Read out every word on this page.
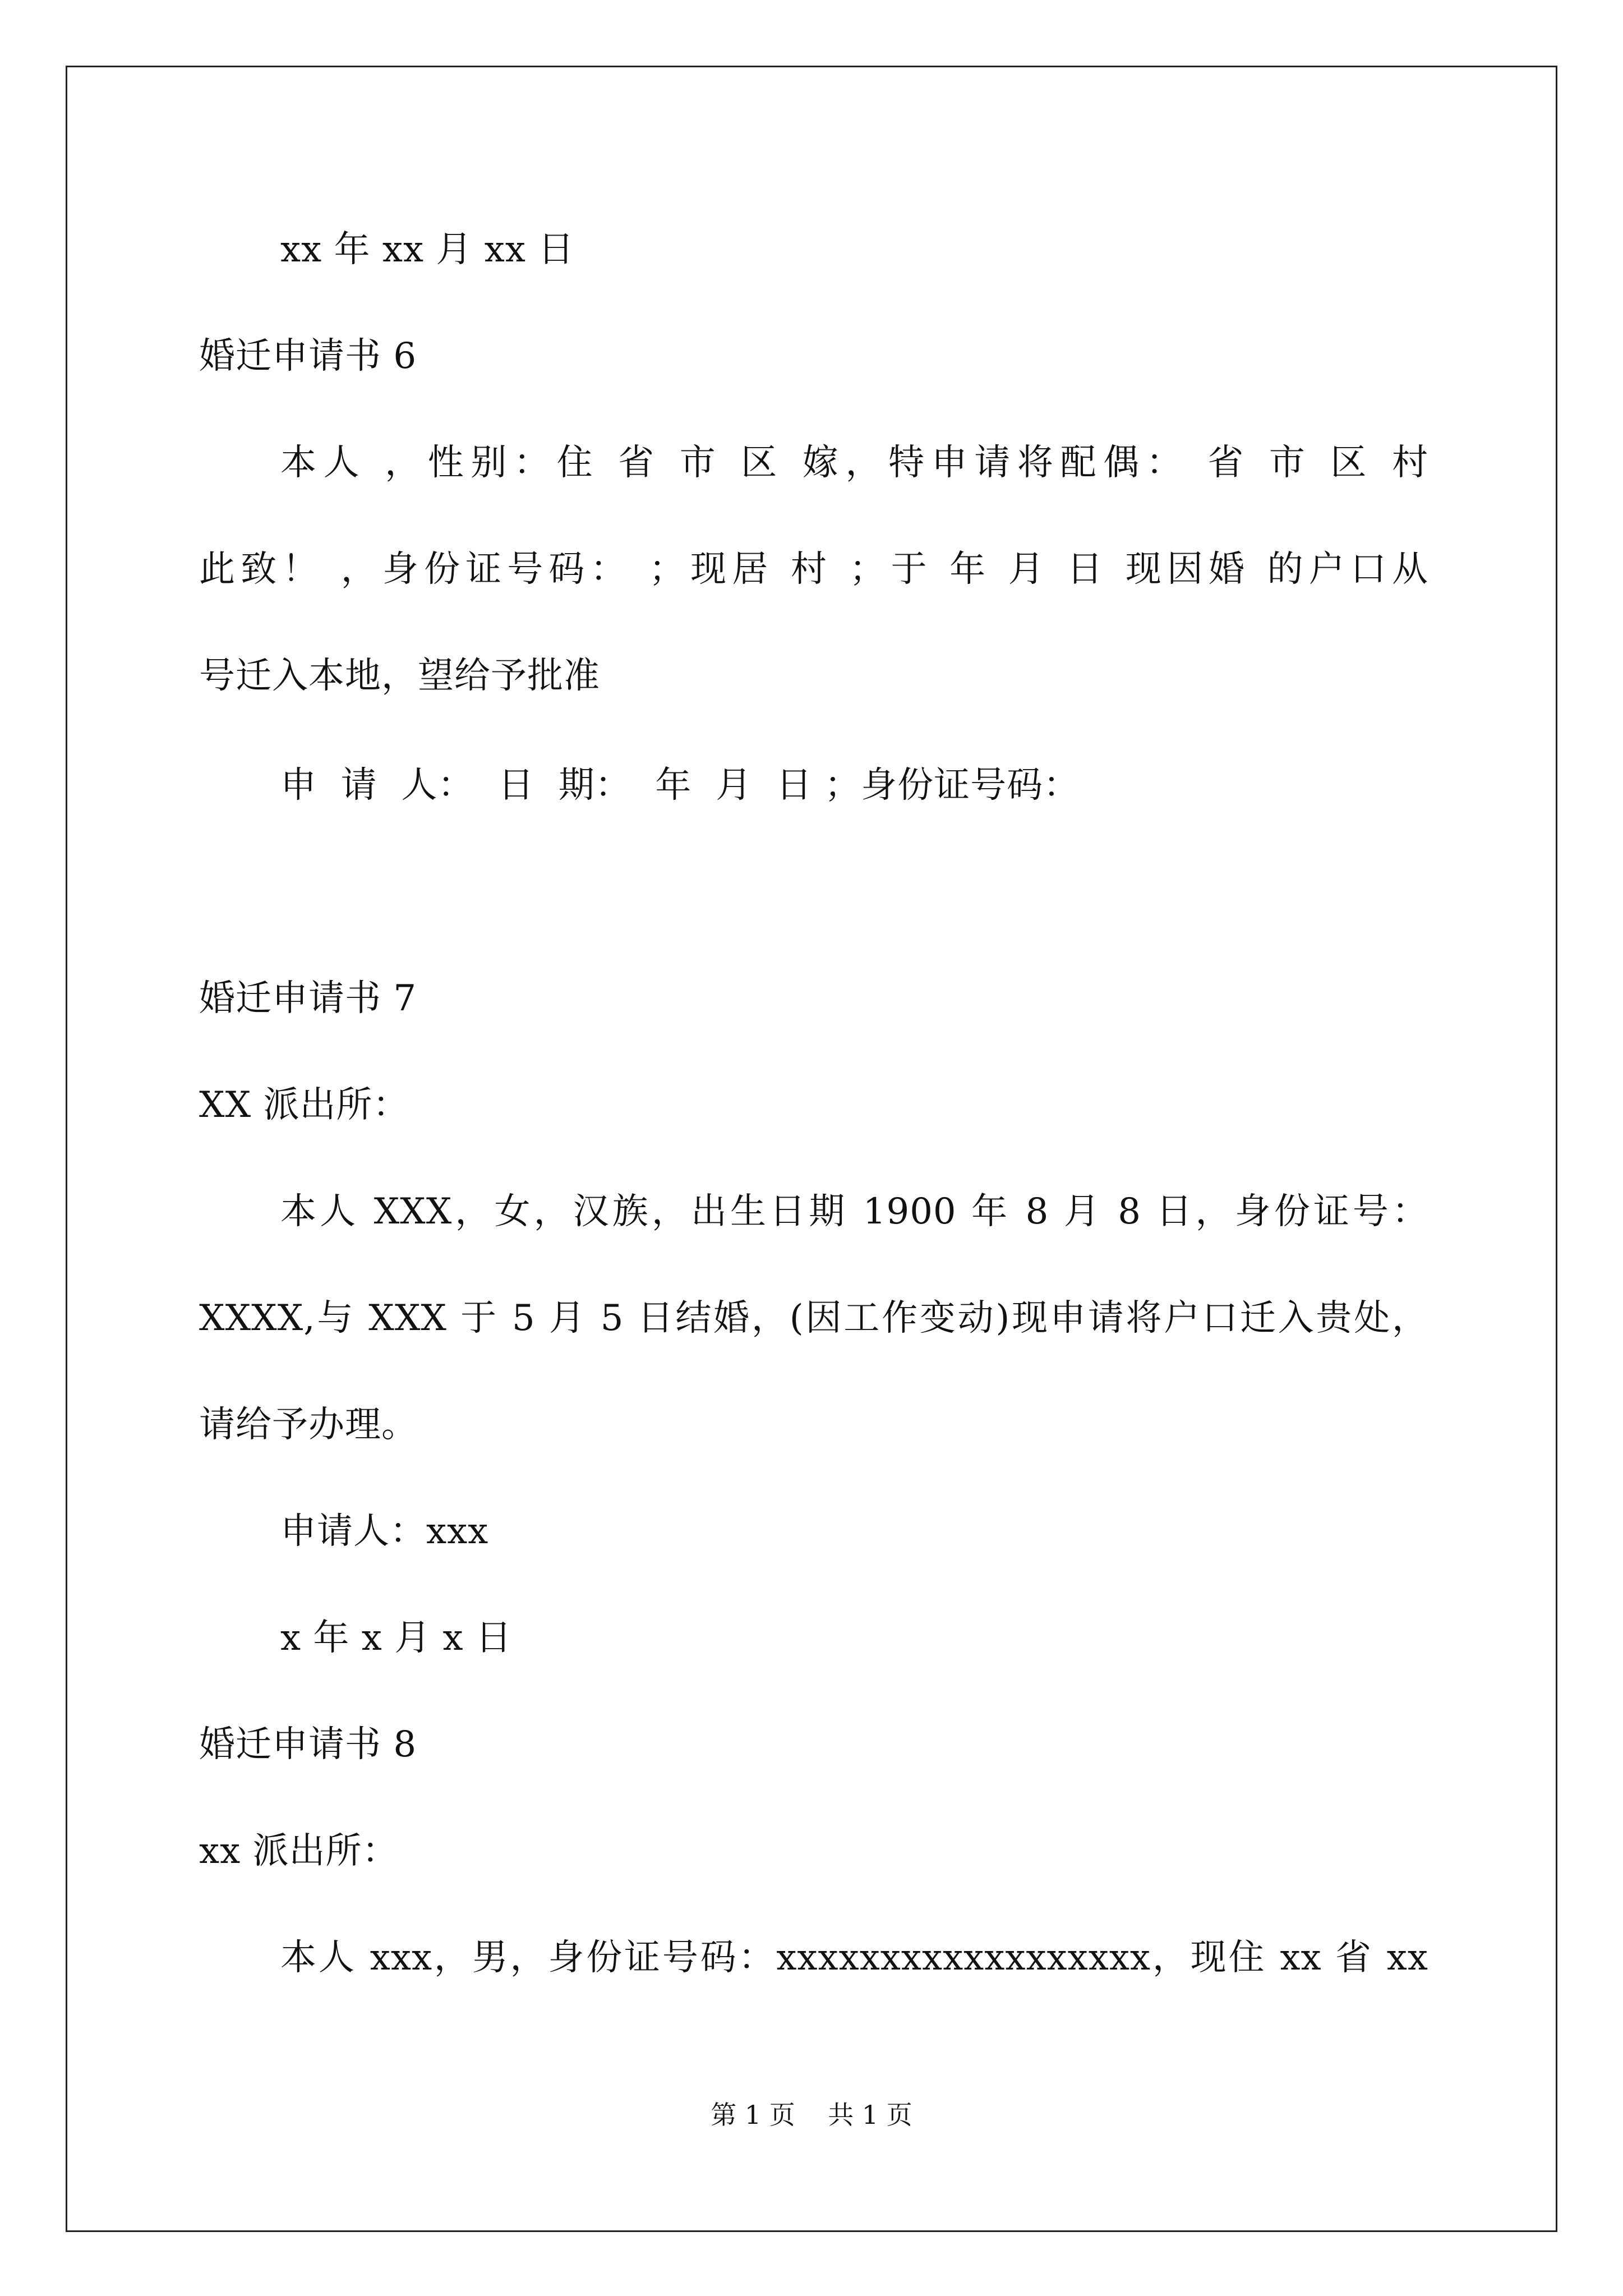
xx 年 xx 月 xx 日
婚迁申请书 6
本人 ，性别：住 省 市 区 嫁，特申请将配偶： 省 市 区 村
此致！ ，身份证号码： ；现居 村 ；于 年 月 日 现因婚 的户口从
号迁入本地，望给予批准
申  请  人：  日  期：  年  月  日 ；身份证号码：
婚迁申请书 7
XX 派出所：
本人 XXX，女，汉族，出生日期 1900 年 8 月 8 日，身份证号：
XXXX,与 XXX 于 5 月 5 日结婚，(因工作变动)现申请将户口迁入贵处，
请给予办理。
申请人：xxx
x 年 x 月 x 日
婚迁申请书 8
xx 派出所：
本人 xxx，男，身份证号码：xxxxxxxxxxxxxxxxxx，现住 xx 省 xx
第 1 页    共 1 页
